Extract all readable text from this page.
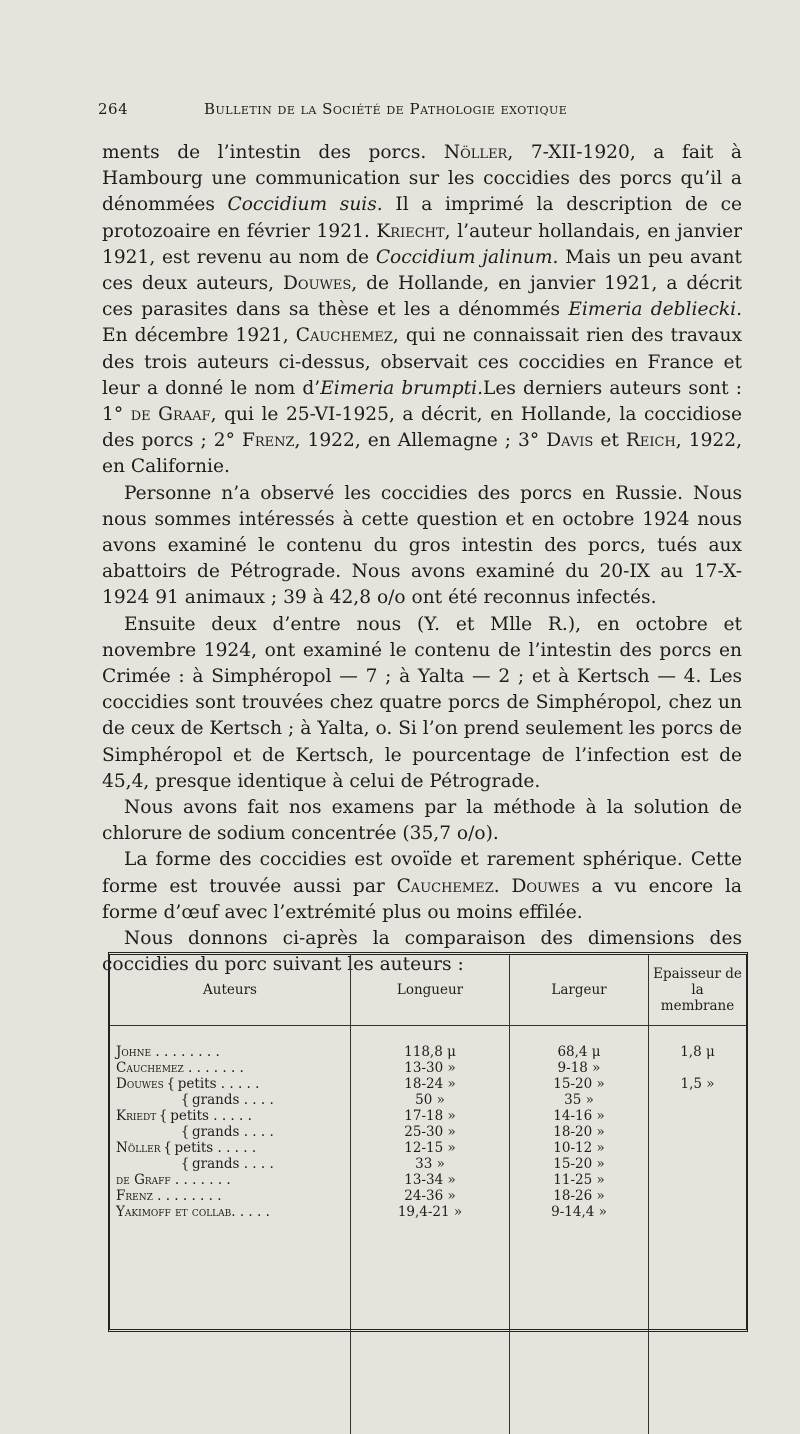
264	Bulletin de la Société de Pathologie exotique

ments de l’intestin des porcs. Nöller, 7-XII-1920, a fait à Hambourg une communication sur les coccidies des porcs qu’il a dénommées Coccidium suis. Il a imprimé la description de ce protozoaire en février 1921. Kriecht, l’auteur hollandais, en janvier 1921, est revenu au nom de Coccidium jalinum. Mais un peu avant ces deux auteurs, Douwes, de Hollande, en janvier 1921, a décrit ces parasites dans sa thèse et les a dénommés Eimeria deblіecki. En décembre 1921, Cauchemez, qui ne connaissait rien des travaux des trois auteurs ci-dessus, observait ces coccidies en France et leur a donné le nom d’Eimeria brumpti.Les derniers auteurs sont : 1° de Graaf, qui le 25-VI-1925, a décrit, en Hollande, la coccidiose des porcs ; 2° Frenz, 1922, en Allemagne ; 3° Davis et Reich, 1922, en Californie.

Personne n’a observé les coccidies des porcs en Russie. Nous nous sommes intéressés à cette question et en octobre 1924 nous avons examiné le contenu du gros intestin des porcs, tués aux abattoirs de Pétrograde. Nous avons examiné du 20-IX au 17-X-1924 91 animaux ; 39 à 42,8 o/o ont été reconnus infectés.

Ensuite deux d’entre nous (Y. et Mlle R.), en octobre et novembre 1924, ont examiné le contenu de l’intestin des porcs en Crimée : à Simphéropol — 7 ; à Yalta — 2 ; et à Kertsch — 4. Les coccidies sont trouvées chez quatre porcs de Simphéropol, chez un de ceux de Kertsch ; à Yalta, o. Si l’on prend seulement les porcs de Simphéropol et de Kertsch, le pourcentage de l’infection est de 45,4, presque identique à celui de Pétrograde.

Nous avons fait nos examens par la méthode à la solution de chlorure de sodium concentrée (35,7 o/o).

La forme des coccidies est ovoïde et rarement sphérique. Cette forme est trouvée aussi par Cauchemez. Douwes a vu encore la forme d’œuf avec l’extrémité plus ou moins effilée.

Nous donnons ci-après la comparaison des dimensions des coccidies du porc suivant les auteurs :

Auteurs	Longueur	Largeur	Epaisseur de la membrane

Johne . . . . . . . .	118,8 μ	68,4 μ	1,8 μ
Cauchemez . . . . . . .	13-30 »	9-18 »	
Douwes{ petits . . . . .	18-24 »	15-20 »	1,5 »
{ grands . . . .	50 »	35 »	
Kriedt{ petits . . . . .	17-18 »	14-16 »	
{ grands . . . .	25-30 »	18-20 »	
Nöller{ petits . . . . .	12-15 »	10-12 »	
{ grands . . . .	33 »	15-20 »	
de Graff . . . . . . .	13-34 »	11-25 »	
Frenz . . . . . . . .	24-36 »	18-26 »	
Yakimoff et collab. . . . .	19,4-21 »	9-14,4 »	
